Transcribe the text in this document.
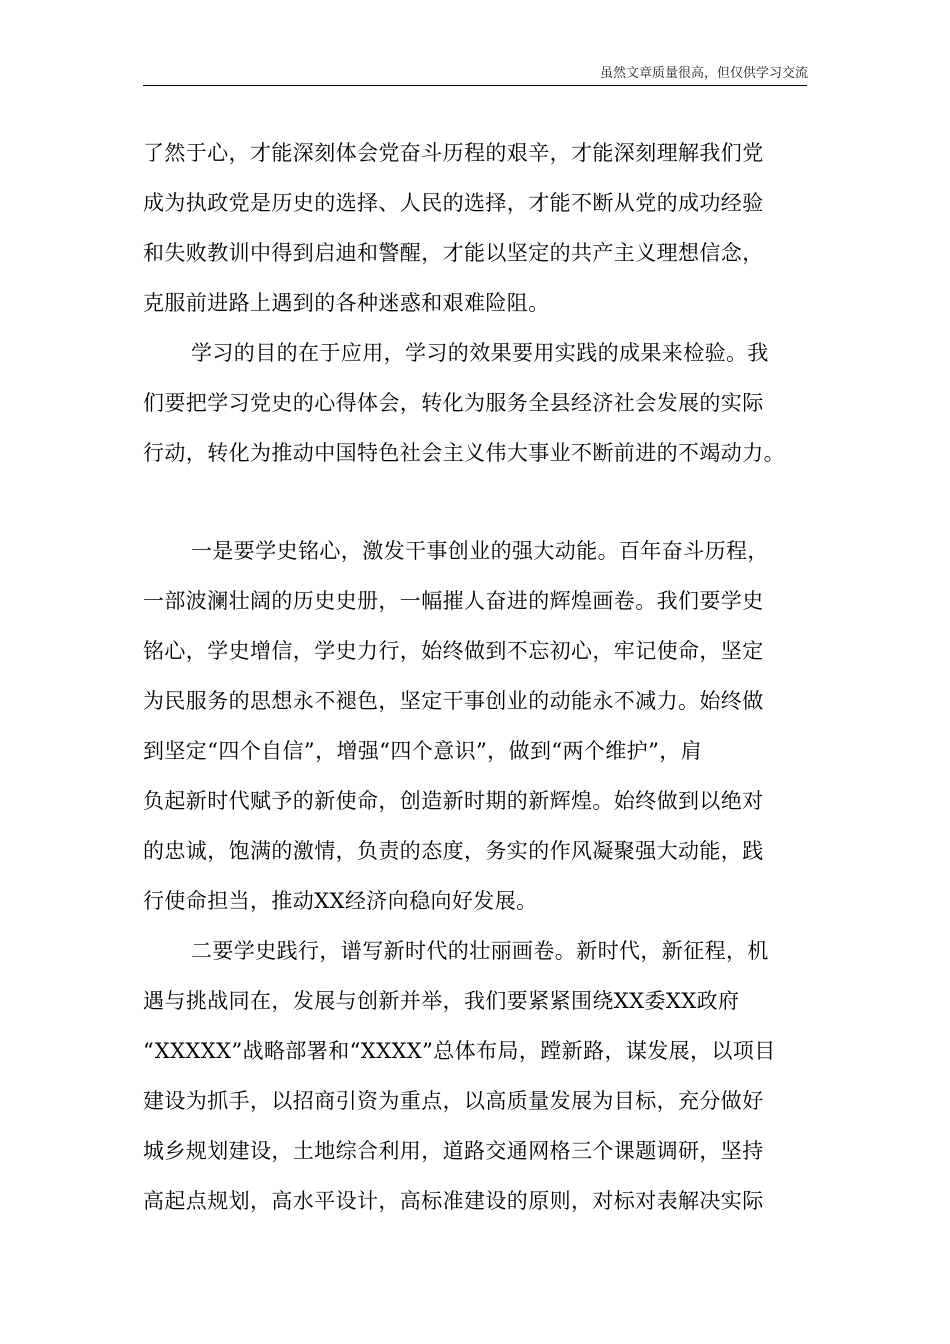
虽然文章质量很高，但仅供学习交流
了然于心，才能深刻体会党奋斗历程的艰辛，才能深刻理解我们党
成为执政党是历史的选择、人民的选择，才能不断从党的成功经验
和失败教训中得到启迪和警醒，才能以坚定的共产主义理想信念，
克服前进路上遇到的各种迷惑和艰难险阻。
学习的目的在于应用，学习的效果要用实践的成果来检验。我
们要把学习党史的心得体会，转化为服务全县经济社会发展的实际
行动，转化为推动中国特色社会主义伟大事业不断前进的不竭动力。
一是要学史铭心，激发干事创业的强大动能。百年奋斗历程，
一部波澜壮阔的历史史册，一幅摧人奋进的辉煌画卷。我们要学史
铭心，学史增信，学史力行，始终做到不忘初心，牢记使命，坚定
为民服务的思想永不褪色，坚定干事创业的动能永不减力。始终做
到坚定“四个自信”，增强“四个意识”，做到“两个维护”，肩
负起新时代赋予的新使命，创造新时期的新辉煌。始终做到以绝对
的忠诚，饱满的激情，负责的态度，务实的作风凝聚强大动能，践
行使命担当，推动XX经济向稳向好发展。
二要学史践行，谱写新时代的壮丽画卷。新时代，新征程，机
遇与挑战同在，发展与创新并举，我们要紧紧围绕XX委XX政府
“XXXXX”战略部署和“XXXX”总体布局，蹚新路，谋发展，以项目
建设为抓手，以招商引资为重点，以高质量发展为目标，充分做好
城乡规划建设，土地综合利用，道路交通网格三个课题调研，坚持
高起点规划，高水平设计，高标准建设的原则，对标对表解决实际
